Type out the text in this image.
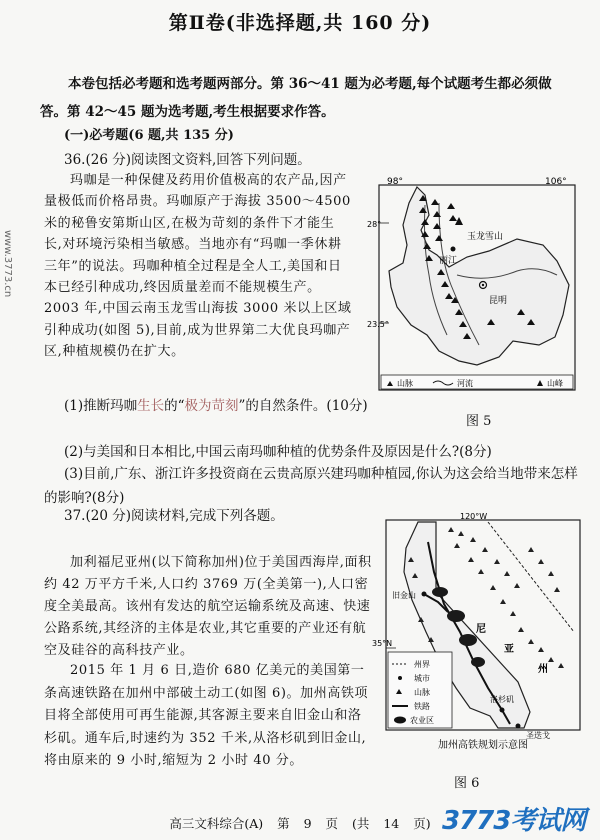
第Ⅱ卷(非选择题,共 160 分)
本卷包括必考题和选考题两部分。第 36～41 题为必考题,每个试题考生都必须做答。第 42～45 题为选考题,考生根据要求作答。
(一)必考题(6 题,共 135 分)
36.(26 分)阅读图文资料,回答下列问题。
玛咖是一种保健及药用价值极高的农产品,因产量极低而价格昂贵。玛咖原产于海拔 3500～4500 米的秘鲁安第斯山区,在极为苛刻的条件下才能生长,对环境污染相当敏感。当地亦有“玛咖一季休耕三年”的说法。玛咖种植全过程是全人工,美国和日本已经引种成功,终因质量差而不能规模生产。2003 年,中国云南玉龙雪山海拔 3000 米以上区域引种成功(如图 5),目前,成为世界第二大优良玛咖产区,种植规模仍在扩大。
(1)推断玛咖生长的“极为苛刻”的自然条件。(10分)
(2)与美国和日本相比,中国云南玛咖种植的优势条件及原因是什么?(8分)
(3)目前,广东、浙江许多投资商在云贵高原兴建玛咖种植园,你认为这会给当地带来怎样的影响?(8分)
98°	106°
28°
23.5°
玉龙雪山
丽江
昆明
山脉	河流	山峰
图 5
37.(20 分)阅读材料,完成下列各题。
加利福尼亚州(以下简称加州)位于美国西海岸,面积约 42 万平方千米,人口约 3769 万(全美第一),人口密度全美最高。该州有发达的航空运输系统及高速、快速公路系统,其经济的主体是农业,其它重要的产业还有航空及硅谷的高科技产业。
2015 年 1 月 6 日,造价 680 亿美元的美国第一条高速铁路在加州中部破土动工(如图 6)。加州高铁项目将全部使用可再生能源,其客源主要来自旧金山和洛杉矶。通车后,时速约为 352 千米,从洛杉矶到旧金山,将由原来的 9 小时,缩短为 2 小时 40 分。
120°W
35°N
旧金山
洛杉矶
圣迭戈
尼
亚
州
州界
城市
山脉
铁路
农业区
加州高铁规划示意图
图 6
高三文科综合(A) 第 9 页 (共 14 页) 3773考试网
www.3773.cn
